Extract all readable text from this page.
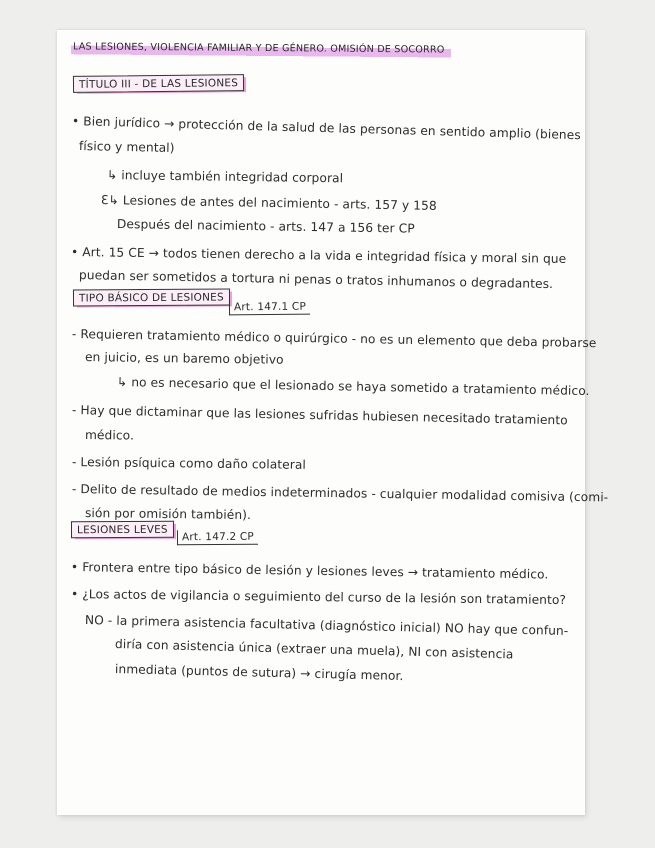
LAS LESIONES, VIOLENCIA FAMILIAR Y DE GÉNERO. OMISIÓN DE SOCORRO
TÍTULO III - DE LAS LESIONES
• Bien jurídico → protección de la salud de las personas en sentido amplio (bienes
físico y mental)
↳ incluye también integridad corporal
Ɛ↳ Lesiones de antes del nacimiento - arts. 157 y 158
Después del nacimiento - arts. 147 a 156 ter CP
• Art. 15 CE → todos tienen derecho a la vida e integridad física y moral sin que
puedan ser sometidos a tortura ni penas o tratos inhumanos o degradantes.
TIPO BÁSICO DE LESIONES
Art. 147.1 CP
- Requieren tratamiento médico o quirúrgico - no es un elemento que deba probarse
en juicio, es un baremo objetivo
↳ no es necesario que el lesionado se haya sometido a tratamiento médico.
- Hay que dictaminar que las lesiones sufridas hubiesen necesitado tratamiento
médico.
- Lesión psíquica como daño colateral
- Delito de resultado de medios indeterminados - cualquier modalidad comisiva (comi-
sión por omisión también).
LESIONES LEVES
Art. 147.2 CP
• Frontera entre tipo básico de lesión y lesiones leves → tratamiento médico.
• ¿Los actos de vigilancia o seguimiento del curso de la lesión son tratamiento?
NO - la primera asistencia facultativa (diagnóstico inicial) NO hay que confun-
diría con asistencia única (extraer una muela), NI con asistencia
inmediata (puntos de sutura) → cirugía menor.
